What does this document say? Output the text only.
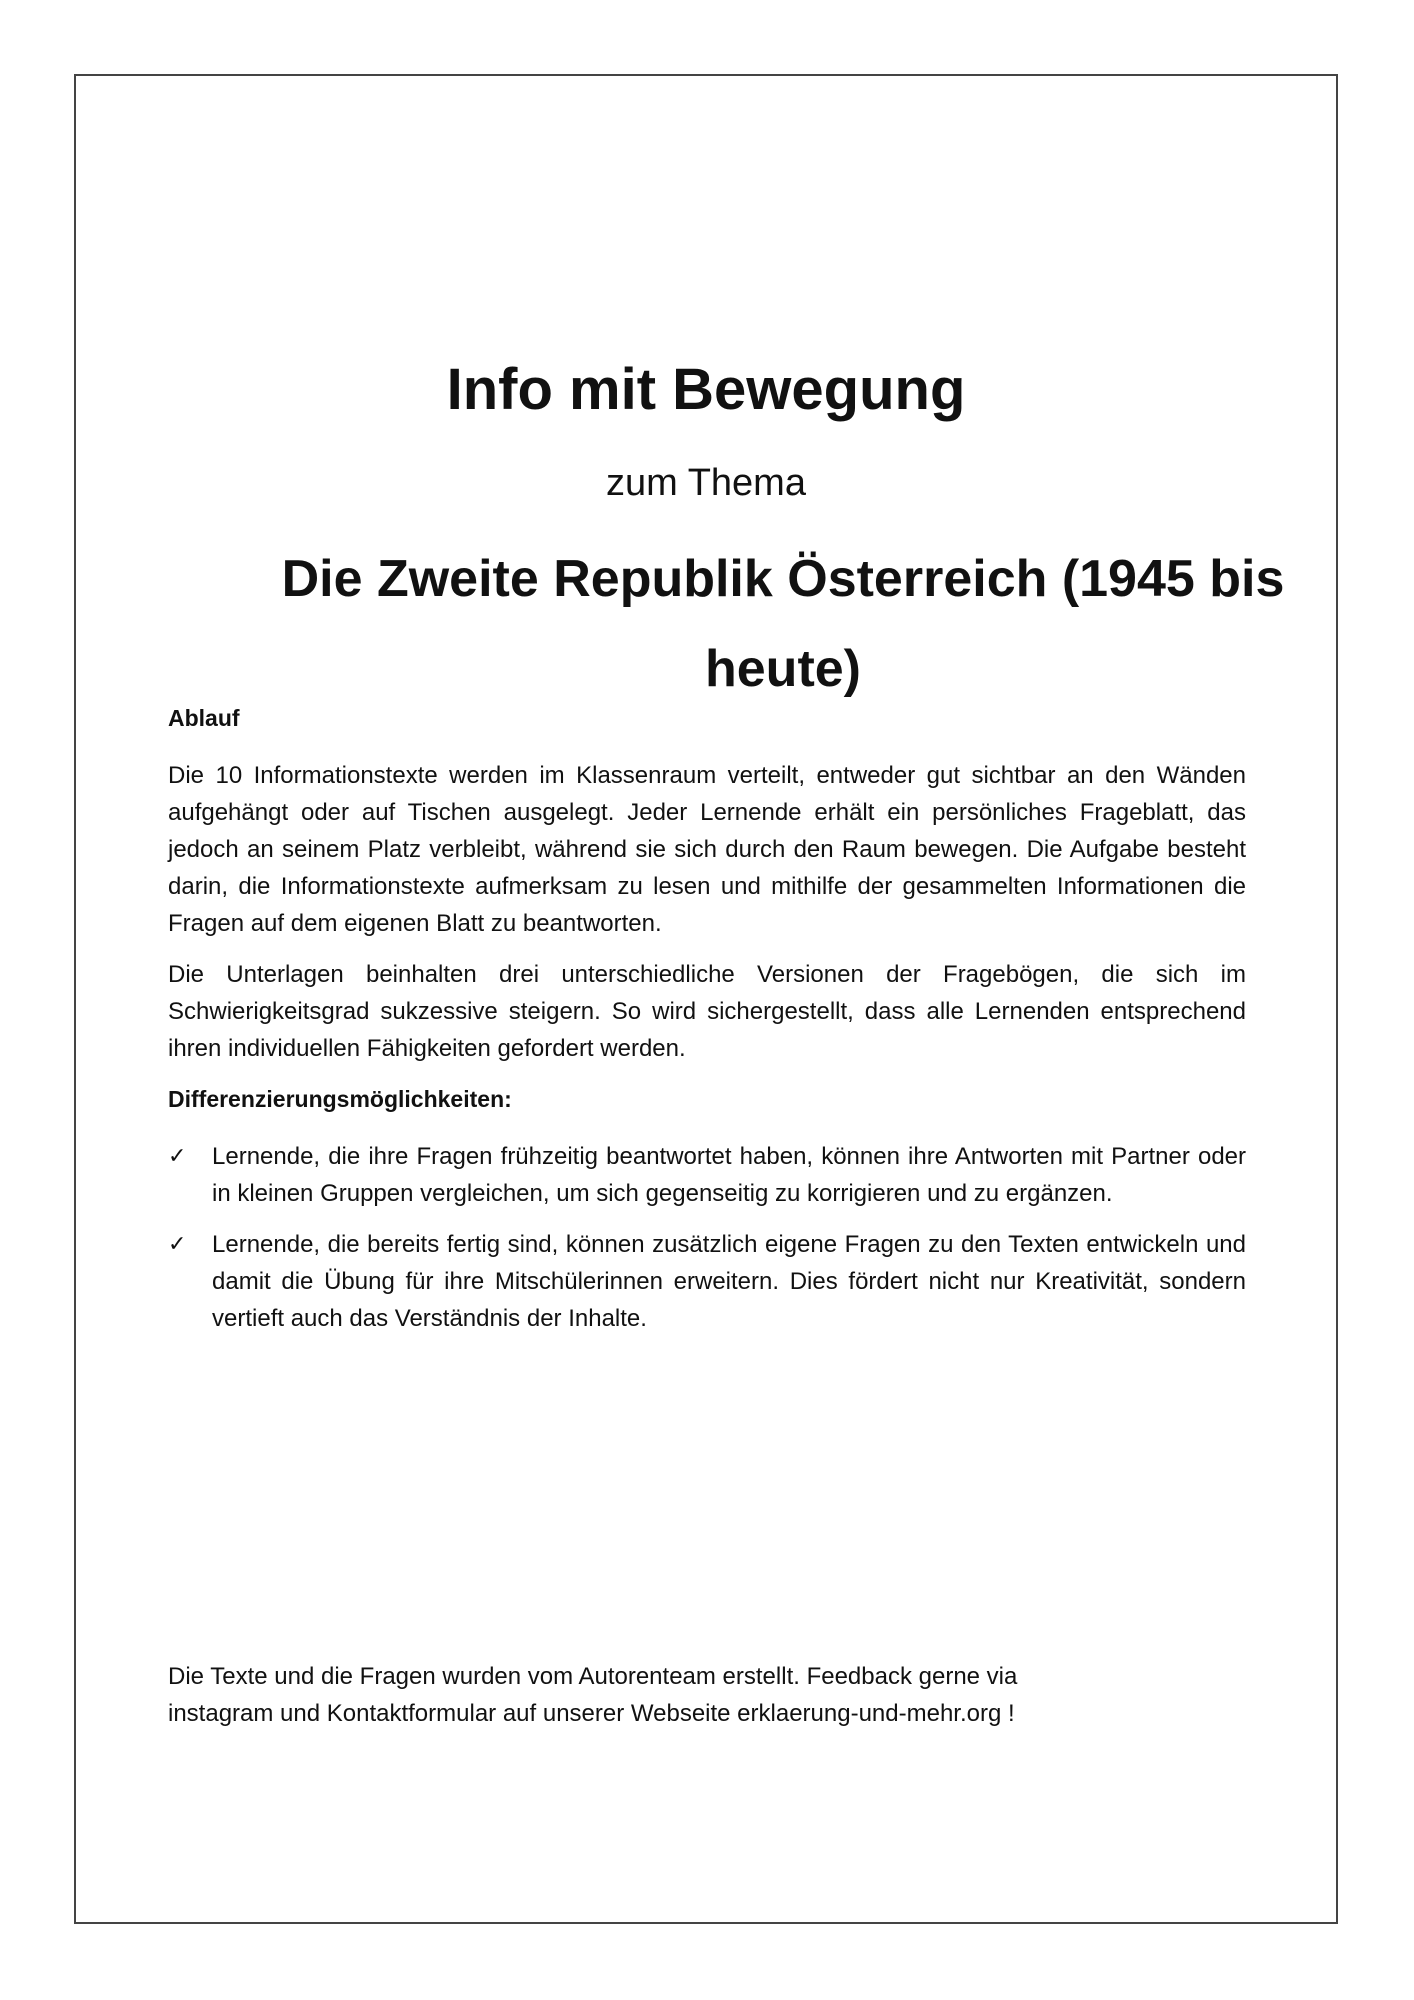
Info mit Bewegung
zum Thema
Die Zweite Republik Österreich (1945 bis heute)
Ablauf

Die 10 Informationstexte werden im Klassenraum verteilt, entweder gut sichtbar an den Wänden aufgehängt oder auf Tischen ausgelegt. Jeder Lernende erhält ein persönliches Frageblatt, das jedoch an seinem Platz verbleibt, während sie sich durch den Raum bewegen. Die Aufgabe besteht darin, die Informationstexte aufmerksam zu lesen und mithilfe der gesammelten Informationen die Fragen auf dem eigenen Blatt zu beantworten.

Die Unterlagen beinhalten drei unterschiedliche Versionen der Fragebögen, die sich im Schwierigkeitsgrad sukzessive steigern. So wird sichergestellt, dass alle Lernenden entsprechend ihren individuellen Fähigkeiten gefordert werden.

Differenzierungsmöglichkeiten:
✓ Lernende, die ihre Fragen frühzeitig beantwortet haben, können ihre Antworten mit Partner oder in kleinen Gruppen vergleichen, um sich gegenseitig zu korrigieren und zu ergänzen.
✓ Lernende, die bereits fertig sind, können zusätzlich eigene Fragen zu den Texten entwickeln und damit die Übung für ihre Mitschülerinnen erweitern. Dies fördert nicht nur Kreativität, sondern vertieft auch das Verständnis der Inhalte.
Die Texte und die Fragen wurden vom Autorenteam erstellt. Feedback gerne via
instagram und Kontaktformular auf unserer Webseite erklaerung-und-mehr.org !
